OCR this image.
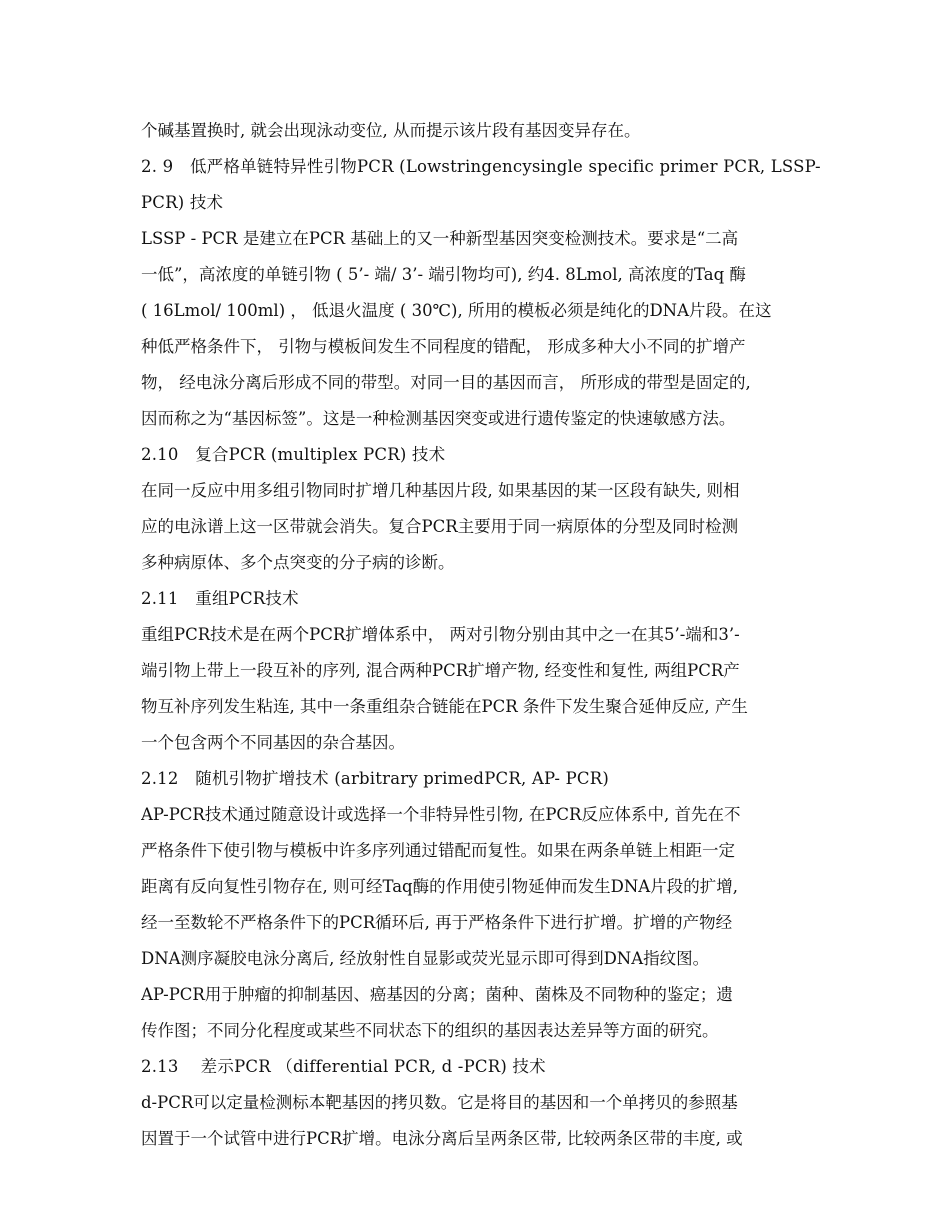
个碱基置换时, 就会出现泳动变位, 从而提示该片段有基因变异存在。
2. 9　低严格单链特异性引物PCR (Lowstringencysingle specific primer PCR, LSSP-
PCR) 技术
LSSP - PCR 是建立在PCR 基础上的又一种新型基因突变检测技术。要求是“二高
一低”，高浓度的单链引物 ( 5’- 端/ 3’- 端引物均可), 约4. 8Lmol, 高浓度的Taq 酶
( 16Lmol/ 100ml) ， 低退火温度 ( 30℃), 所用的模板必须是纯化的DNA片段。在这
种低严格条件下， 引物与模板间发生不同程度的错配， 形成多种大小不同的扩增产
物， 经电泳分离后形成不同的带型。对同一目的基因而言， 所形成的带型是固定的,
因而称之为“基因标签”。这是一种检测基因突变或进行遗传鉴定的快速敏感方法。
2.10　复合PCR (multiplex PCR) 技术
在同一反应中用多组引物同时扩增几种基因片段, 如果基因的某一区段有缺失, 则相
应的电泳谱上这一区带就会消失。复合PCR主要用于同一病原体的分型及同时检测
多种病原体、多个点突变的分子病的诊断。
2.11　重组PCR技术
重组PCR技术是在两个PCR扩增体系中， 两对引物分别由其中之一在其5’-端和3’-
端引物上带上一段互补的序列, 混合两种PCR扩增产物, 经变性和复性, 两组PCR产
物互补序列发生粘连, 其中一条重组杂合链能在PCR 条件下发生聚合延伸反应, 产生
一个包含两个不同基因的杂合基因。
2.12　随机引物扩增技术 (arbitrary primedPCR, AP- PCR)
AP-PCR技术通过随意设计或选择一个非特异性引物, 在PCR反应体系中, 首先在不
严格条件下使引物与模板中许多序列通过错配而复性。如果在两条单链上相距一定
距离有反向复性引物存在, 则可经Taq酶的作用使引物延伸而发生DNA片段的扩增,
经一至数轮不严格条件下的PCR循环后, 再于严格条件下进行扩增。扩增的产物经
DNA测序凝胶电泳分离后, 经放射性自显影或荧光显示即可得到DNA指纹图。
AP-PCR用于肿瘤的抑制基因、癌基因的分离；菌种、菌株及不同物种的鉴定；遗
传作图；不同分化程度或某些不同状态下的组织的基因表达差异等方面的研究。
2.13　 差示PCR （differential PCR, d -PCR) 技术
d-PCR可以定量检测标本靶基因的拷贝数。它是将目的基因和一个单拷贝的参照基
因置于一个试管中进行PCR扩增。电泳分离后呈两条区带, 比较两条区带的丰度, 或
